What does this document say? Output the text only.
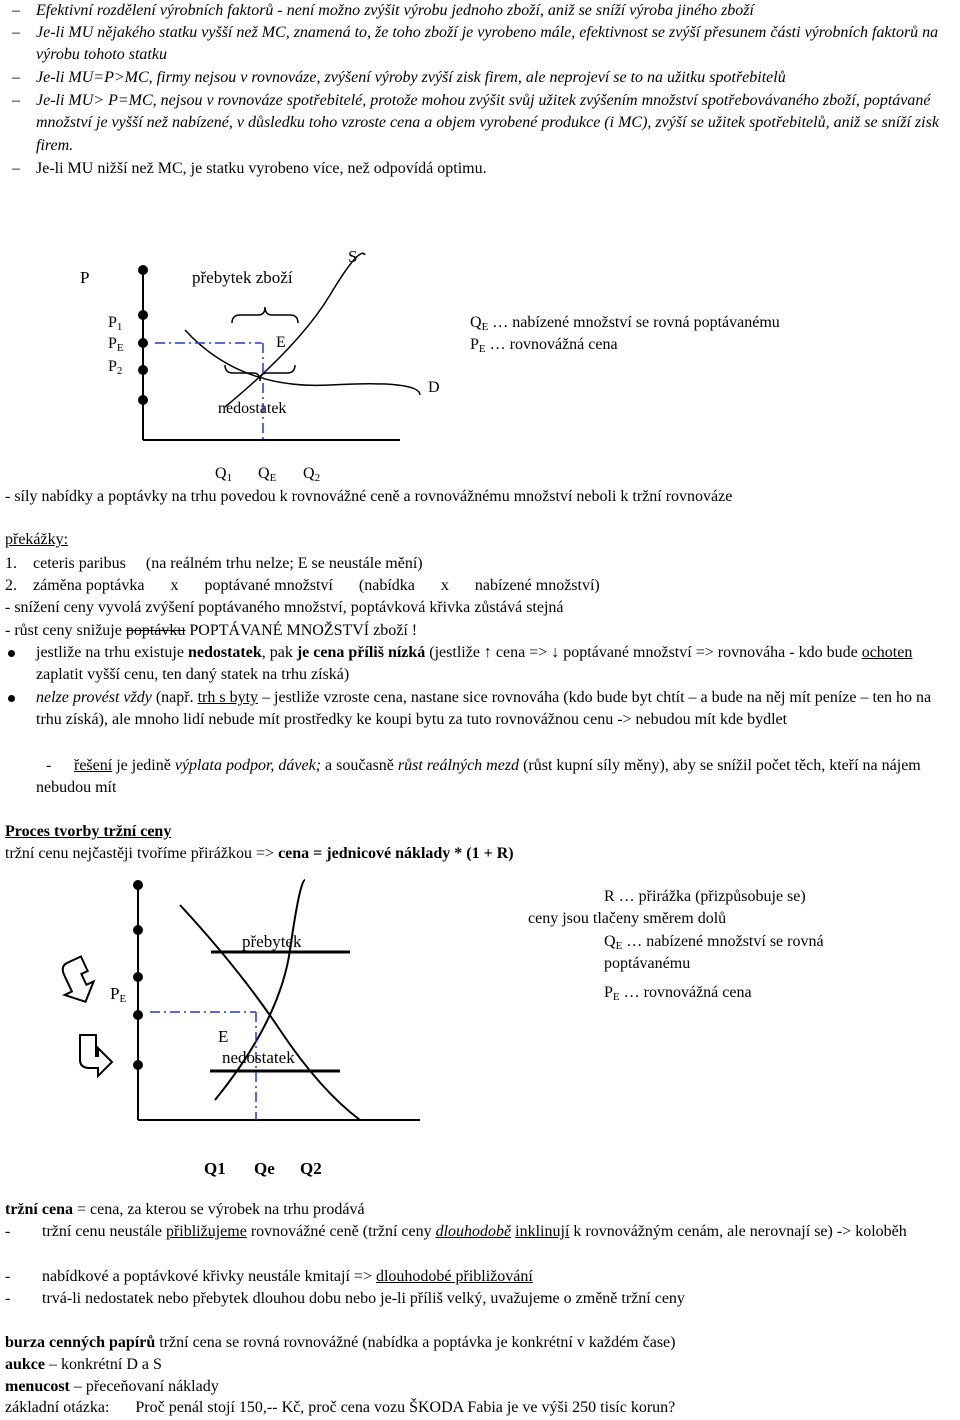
–	Efektivní rozdělení výrobních faktorů - není možno zvýšit výrobu jednoho zboží, aniž se sníží výroba jiného zboží
–	Je-li MU nějakého statku vyšší než MC, znamená to, že toho zboží je vyrobeno mále, efektivnost se zvýší přesunem části výrobních faktorů na výrobu tohoto statku
–	Je-li MU=P>MC, firmy nejsou v rovnováze, zvýšení výroby zvýší zisk firem, ale neprojeví se to na užitku spotřebitelů
–	Je-li MU> P=MC, nejsou v rovnováze spotřebitelé, protože mohou zvýšit svůj užitek zvýšením množství spotřebovávaného zboží, poptávané množství je vyšší než nabízené, v důsledku toho vzroste cena a objem vyrobené produkce (i MC), zvýší se užitek spotřebitelů, aniž se sníží zisk firem.
–	Je-li MU nižší než MC, je statku vyrobeno více, než odpovídá optimu.
P
S
přebytek zboží
$P_1$
$P_E$
$P_2$
E
nedostatek
D
$Q_1$ $Q_E$ $Q_2$
$Q_E$ … nabízené množství se rovná poptávanému
$P_E$ … rovnovážná cena
- síly nabídky a poptávky na trhu povedou k rovnovážné ceně a rovnovážnému množství neboli k tržní rovnováze
překážky:
1. ceteris paribus (na reálném trhu nelze; E se neustále mění)
2. záměna poptávka x poptávané množství (nabídka x nabízené množství)
- snížení ceny vyvolá zvýšení poptávaného množství, poptávková křivka zůstává stejná
- růst ceny snižuje poptávku POPTÁVANÉ MNOŽSTVÍ zboží !
jestliže na trhu existuje nedostatek, pak je cena příliš nízká (jestliže ↑ cena => ↓ poptávané množství => rovnováha - kdo bude ochoten zaplatit vyšší cenu, ten daný statek na trhu získá)
nelze provést vždy (např. trh s byty – jestliže vzroste cena, nastane sice rovnováha (kdo bude byt chtít – a bude na něj mít peníze – ten ho na trhu získá), ale mnoho lidí nebude mít prostředky ke koupi bytu za tuto rovnovážnou cenu -> nebudou mít kde bydlet
- řešení je jedině výplata podpor, dávek; a současně růst reálných mezd (růst kupní síly měny), aby se snížil počet těch, kteří na nájem nebudou mít
Proces tvorby tržní ceny
tržní cenu nejčastěji tvoříme přirážkou => cena = jednicové náklady * (1 + R)
přebytek
$P_E$
E
nedostatek
Q1 Qe Q2
R … přirážka (přizpůsobuje se)
ceny jsou tlačeny směrem dolů
$Q_E$ … nabízené množství se rovná
poptávanému
$P_E$ … rovnovážná cena
tržní cena = cena, za kterou se výrobek na trhu prodává
- tržní cenu neustále přibližujeme rovnovážné ceně (tržní ceny dlouhodobě inklinují k rovnovážným cenám, ale nerovnají se) -> koloběh
- nabídkové a poptávkové křivky neustále kmitají => dlouhodobé přibližování
- trvá-li nedostatek nebo přebytek dlouhou dobu nebo je-li příliš velký, uvažujeme o změně tržní ceny
burza cenných papírů tržní cena se rovná rovnovážné (nabídka a poptávka je konkrétní v každém čase)
aukce – konkrétní D a S
menucost – přeceňovaní náklady
základní otázka: Proč penál stojí 150,-- Kč, proč cena vozu ŠKODA Fabia je ve výši 250 tisíc korun?
